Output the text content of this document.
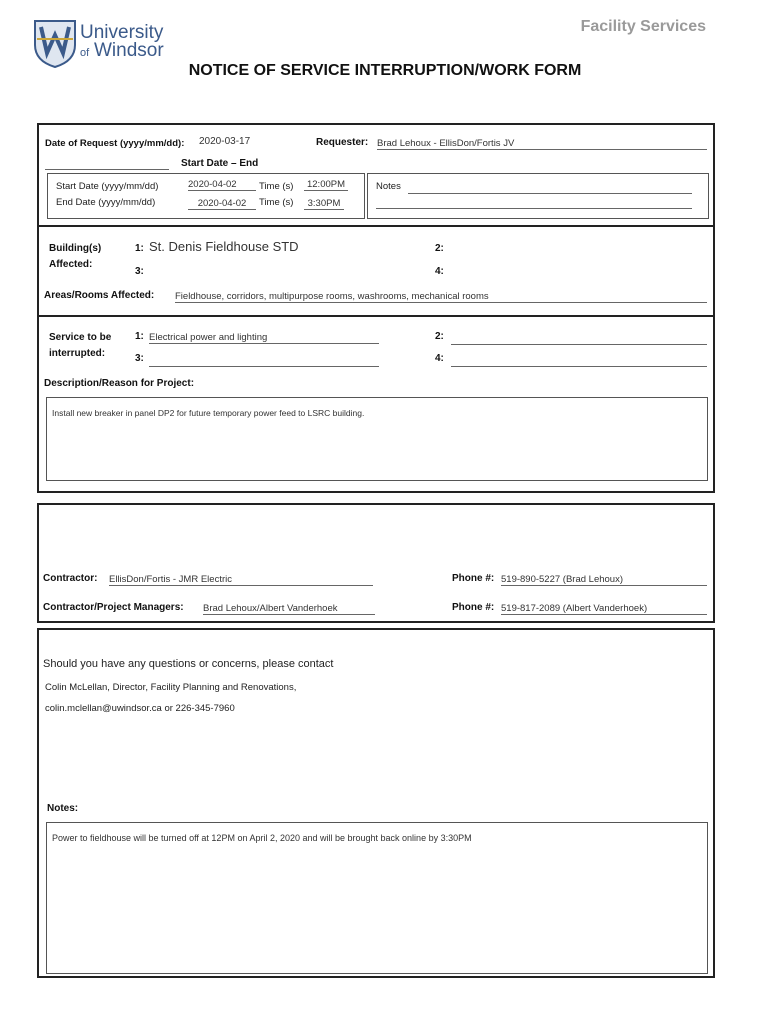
University
of Windsor
Facility Services
NOTICE OF SERVICE INTERRUPTION/WORK FORM
Date of Request (yyyy/mm/dd): 2020-03-17	Requester: Brad Lehoux - EllisDon/Fortis JV
Start Date – End
Start Date (yyyy/mm/dd)	2020-04-02	Time (s)	12:00PM
End Date (yyyy/mm/dd)	2020-04-02	Time (s)	3:30PM
Notes
Building(s)
Affected:
1: St. Denis Fieldhouse STD	2:
3:	4:
Areas/Rooms Affected: Fieldhouse, corridors, multipurpose rooms, washrooms, mechanical rooms
Service to be
interrupted:
1: Electrical power and lighting	2:
3:	4:
Description/Reason for Project:
Install new breaker in panel DP2 for future temporary power feed to LSRC building.
Contractor: EllisDon/Fortis - JMR Electric	Phone #: 519-890-5227 (Brad Lehoux)
Contractor/Project Managers: Brad Lehoux/Albert Vanderhoek	Phone #: 519-817-2089 (Albert Vanderhoek)
Should you have any questions or concerns, please contact
Colin McLellan, Director, Facility Planning and Renovations,
colin.mclellan@uwindsor.ca or 226-345-7960
Notes:
Power to fieldhouse will be turned off at 12PM on April 2, 2020 and will be brought back online by 3:30PM
